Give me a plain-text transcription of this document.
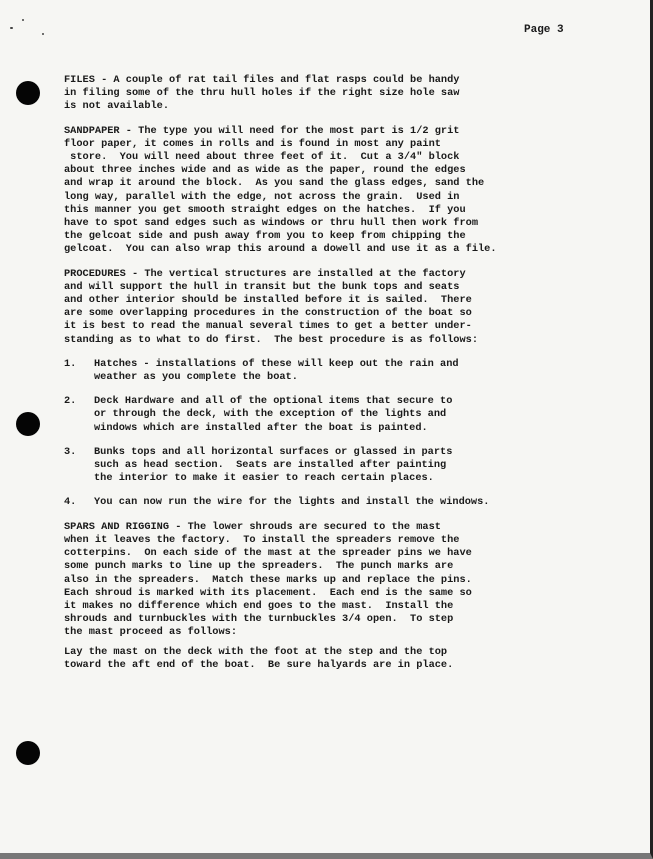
Page 3

FILES - A couple of rat tail files and flat rasps could be handy
in filing some of the thru hull holes if the right size hole saw
is not available.

SANDPAPER - The type you will need for the most part is 1/2 grit
floor paper, it comes in rolls and is found in most any paint
store.  You will need about three feet of it.  Cut a 3/4" block
about three inches wide and as wide as the paper, round the edges
and wrap it around the block.  As you sand the glass edges, sand the
long way, parallel with the edge, not across the grain.  Used in
this manner you get smooth straight edges on the hatches.  If you
have to spot sand edges such as windows or thru hull then work from
the gelcoat side and push away from you to keep from chipping the
gelcoat.  You can also wrap this around a dowell and use it as a file.

PROCEDURES - The vertical structures are installed at the factory
and will support the hull in transit but the bunk tops and seats
and other interior should be installed before it is sailed.  There
are some overlapping procedures in the construction of the boat so
it is best to read the manual several times to get a better under-
standing as to what to do first.  The best procedure is as follows:

1. Hatches - installations of these will keep out the rain and
weather as you complete the boat.
2. Deck Hardware and all of the optional items that secure to
or through the deck, with the exception of the lights and
windows which are installed after the boat is painted.
3. Bunks tops and all horizontal surfaces or glassed in parts
such as head section.  Seats are installed after painting
the interior to make it easier to reach certain places.
4. You can now run the wire for the lights and install the windows.

SPARS AND RIGGING - The lower shrouds are secured to the mast
when it leaves the factory.  To install the spreaders remove the
cotterpins.  On each side of the mast at the spreader pins we have
some punch marks to line up the spreaders.  The punch marks are
also in the spreaders.  Match these marks up and replace the pins.
Each shroud is marked with its placement.  Each end is the same so
it makes no difference which end goes to the mast.  Install the
shrouds and turnbuckles with the turnbuckles 3/4 open.  To step
the mast proceed as follows:

Lay the mast on the deck with the foot at the step and the top
toward the aft end of the boat.  Be sure halyards are in place.
